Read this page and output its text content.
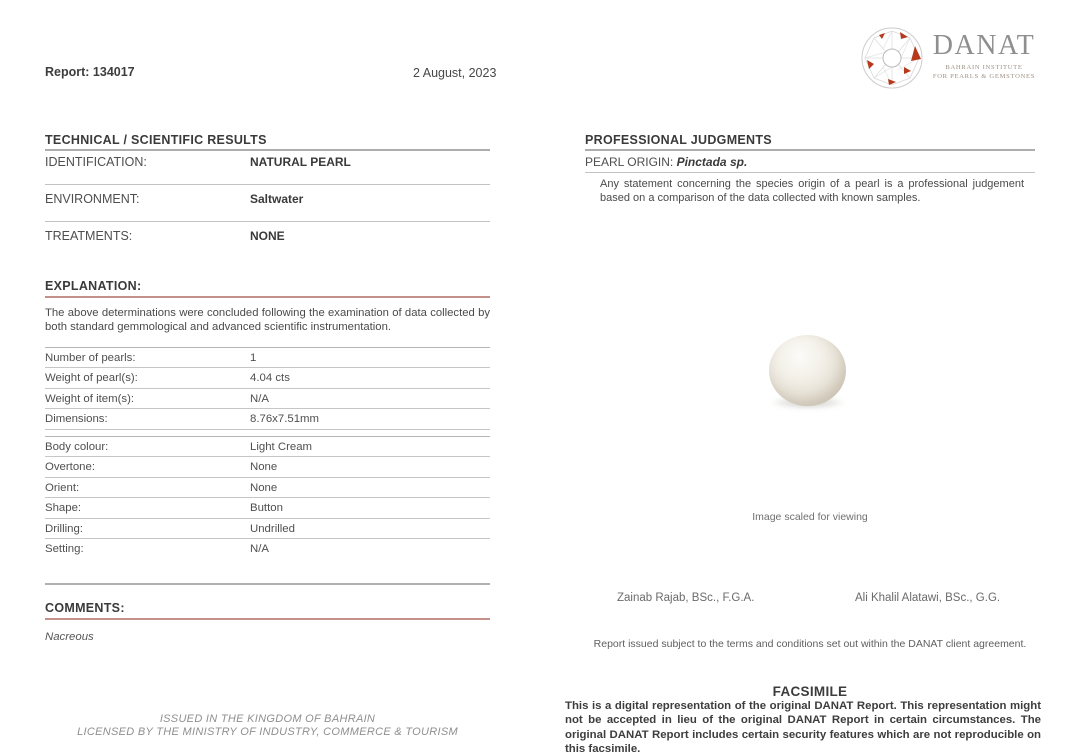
Report: 134017	2 August, 2023
DANAT
BAHRAIN INSTITUTE
FOR PEARLS & GEMSTONES
TECHNICAL / SCIENTIFIC RESULTS
IDENTIFICATION:	NATURAL PEARL
ENVIRONMENT:	Saltwater
TREATMENTS:	NONE
EXPLANATION:
The above determinations were concluded following the examination of data collected by both standard gemmological and advanced scientific instrumentation.
Number of pearls:	1
Weight of pearl(s):	4.04 cts
Weight of item(s):	N/A
Dimensions:	8.76x7.51mm
Body colour:	Light Cream
Overtone:	None
Orient:	None
Shape:	Button
Drilling:	Undrilled
Setting:	N/A
COMMENTS:
Nacreous
PROFESSIONAL JUDGMENTS
PEARL ORIGIN: Pinctada sp.
Any statement concerning the species origin of a pearl is a professional judgement based on a comparison of the data collected with known samples.
Image scaled for viewing
Zainab Rajab, BSc., F.G.A.	Ali Khalil Alatawi, BSc., G.G.
Report issued subject to the terms and conditions set out within the DANAT client agreement.
FACSIMILE
This is a digital representation of the original DANAT Report. This representation might not be accepted in lieu of the original DANAT Report in certain circumstances. The original DANAT Report includes certain security features which are not reproducible on this facsimile.
ISSUED IN THE KINGDOM OF BAHRAIN
LICENSED BY THE MINISTRY OF INDUSTRY, COMMERCE & TOURISM
